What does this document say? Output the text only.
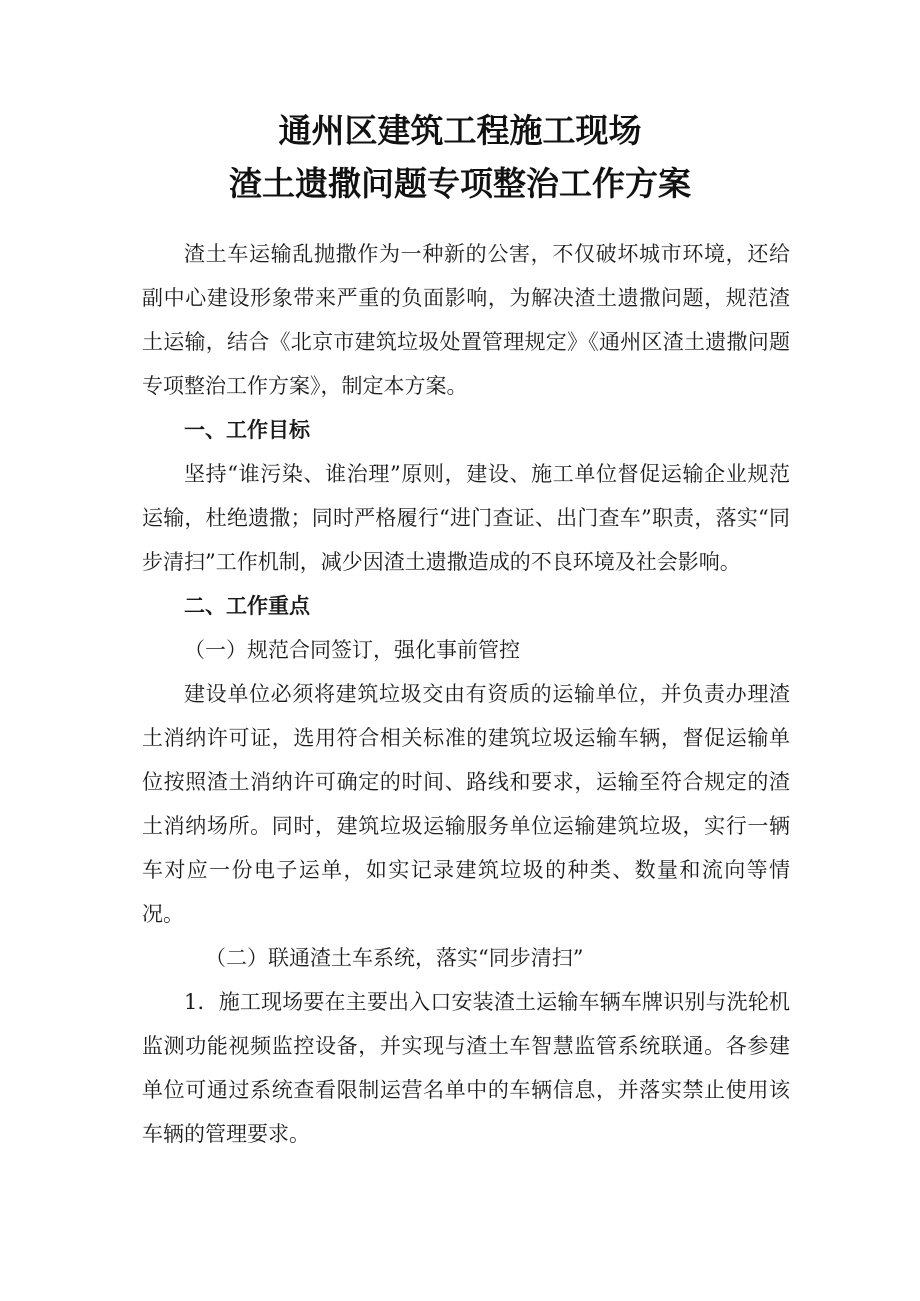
通州区建筑工程施工现场
渣土遗撒问题专项整治工作方案

渣土车运输乱抛撒作为一种新的公害，不仅破坏城市环境，还给副中心建设形象带来严重的负面影响，为解决渣土遗撒问题，规范渣土运输，结合《北京市建筑垃圾处置管理规定》《通州区渣土遗撒问题专项整治工作方案》，制定本方案。

一、工作目标

坚持“谁污染、谁治理”原则，建设、施工单位督促运输企业规范运输，杜绝遗撒；同时严格履行“进门查证、出门查车”职责，落实“同步清扫”工作机制，减少因渣土遗撒造成的不良环境及社会影响。

二、工作重点

（一）规范合同签订，强化事前管控

建设单位必须将建筑垃圾交由有资质的运输单位，并负责办理渣土消纳许可证，选用符合相关标准的建筑垃圾运输车辆，督促运输单位按照渣土消纳许可确定的时间、路线和要求，运输至符合规定的渣土消纳场所。同时，建筑垃圾运输服务单位运输建筑垃圾，实行一辆车对应一份电子运单，如实记录建筑垃圾的种类、数量和流向等情况。

（二）联通渣土车系统，落实“同步清扫”

1．施工现场要在主要出入口安装渣土运输车辆车牌识别与洗轮机监测功能视频监控设备，并实现与渣土车智慧监管系统联通。各参建单位可通过系统查看限制运营名单中的车辆信息，并落实禁止使用该车辆的管理要求。
